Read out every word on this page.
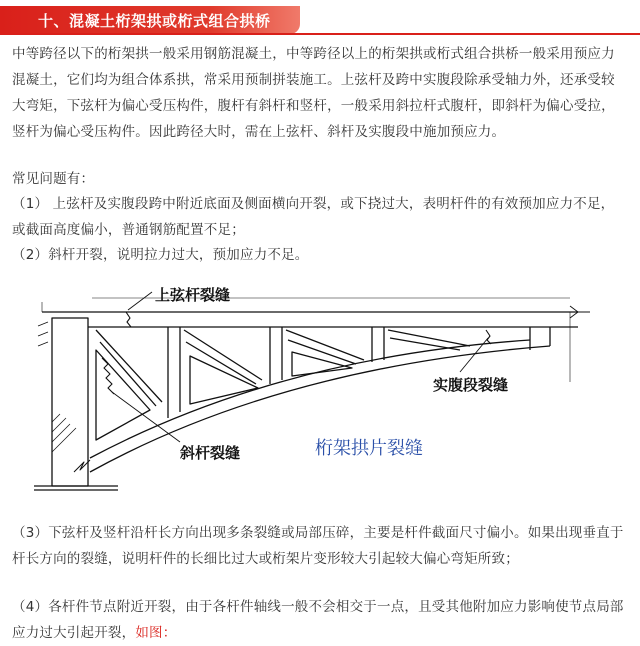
十、混凝土桁架拱或桁式组合拱桥
中等跨径以下的桁架拱一般采用钢筋混凝土，中等跨径以上的桁架拱或桁式组合拱桥一般采用预应力混凝土，它们均为组合体系拱，常采用预制拼装施工。上弦杆及跨中实腹段除承受轴力外，还承受较大弯矩，下弦杆为偏心受压构件，腹杆有斜杆和竖杆，一般采用斜拉杆式腹杆，即斜杆为偏心受拉，竖杆为偏心受压构件。因此跨径大时，需在上弦杆、斜杆及实腹段中施加预应力。
常见问题有：
（1） 上弦杆及实腹段跨中附近底面及侧面横向开裂，或下挠过大，表明杆件的有效预加应力不足，或截面高度偏小，普通钢筋配置不足；
（2）斜杆开裂，说明拉力过大，预加应力不足。
上弦杆裂缝
实腹段裂缝
斜杆裂缝	桁架拱片裂缝
（3）下弦杆及竖杆沿杆长方向出现多条裂缝或局部压碎，主要是杆件截面尺寸偏小。如果出现垂直于杆长方向的裂缝，说明杆件的长细比过大或桁架片变形较大引起较大偏心弯矩所致；
（4）各杆件节点附近开裂，由于各杆件轴线一般不会相交于一点，且受其他附加应力影响使节点局部应力过大引起开裂，如图：
